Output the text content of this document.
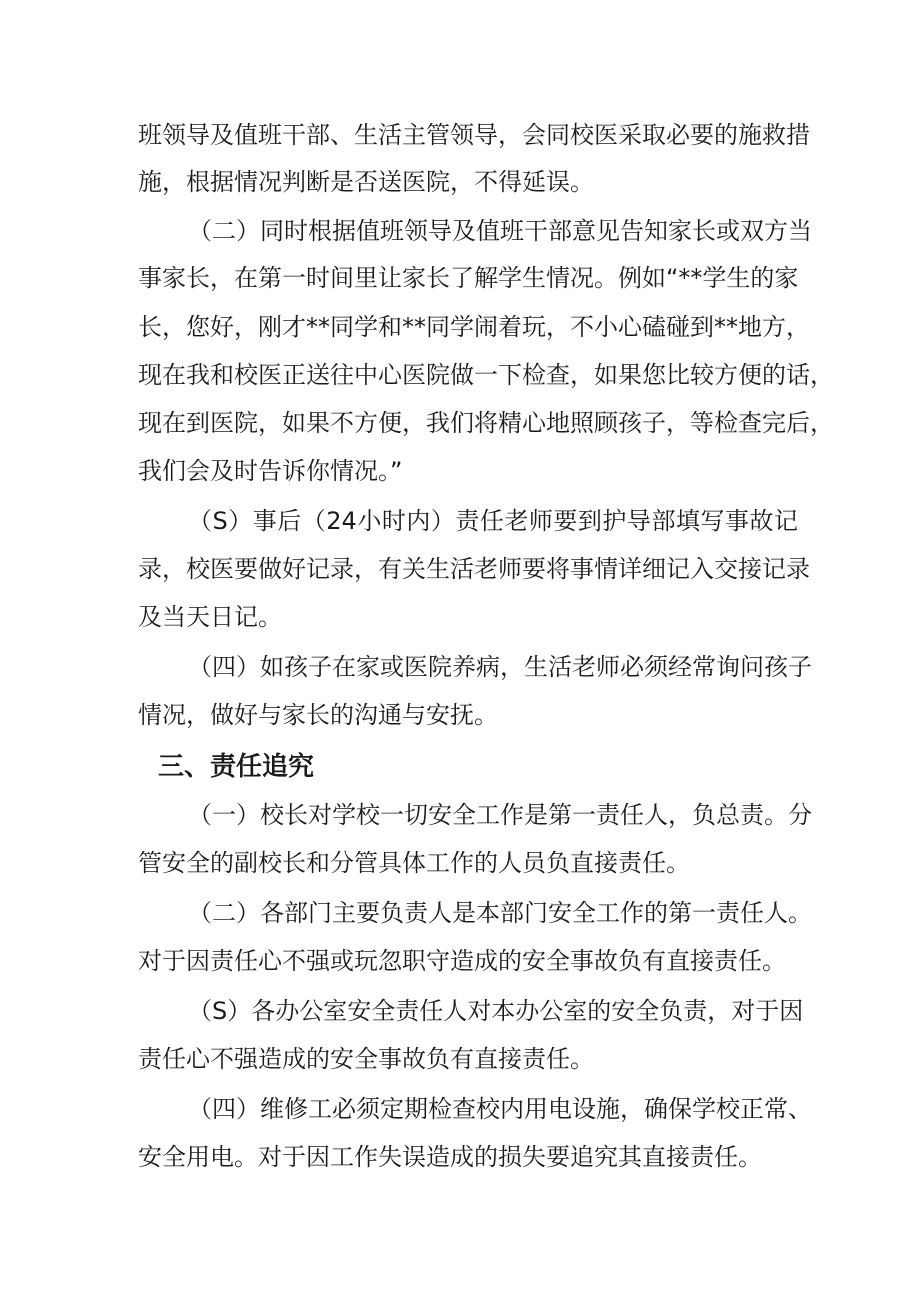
班领导及值班干部、生活主管领导，会同校医采取必要的施救措
施，根据情况判断是否送医院，不得延误。
（二）同时根据值班领导及值班干部意见告知家长或双方当
事家长，在第一时间里让家长了解学生情况。例如“**学生的家
长，您好，刚才**同学和**同学闹着玩，不小心磕碰到**地方，
现在我和校医正送往中心医院做一下检查，如果您比较方便的话，
现在到医院，如果不方便，我们将精心地照顾孩子，等检查完后，
我们会及时告诉你情况。”
（S）事后（24小时内）责任老师要到护导部填写事故记
录，校医要做好记录，有关生活老师要将事情详细记入交接记录
及当天日记。
（四）如孩子在家或医院养病，生活老师必须经常询问孩子
情况，做好与家长的沟通与安抚。
三、责任追究
（一）校长对学校一切安全工作是第一责任人，负总责。分
管安全的副校长和分管具体工作的人员负直接责任。
（二）各部门主要负责人是本部门安全工作的第一责任人。
对于因责任心不强或玩忽职守造成的安全事故负有直接责任。
（S）各办公室安全责任人对本办公室的安全负责，对于因
责任心不强造成的安全事故负有直接责任。
（四）维修工必须定期检查校内用电设施，确保学校正常、
安全用电。对于因工作失误造成的损失要追究其直接责任。
